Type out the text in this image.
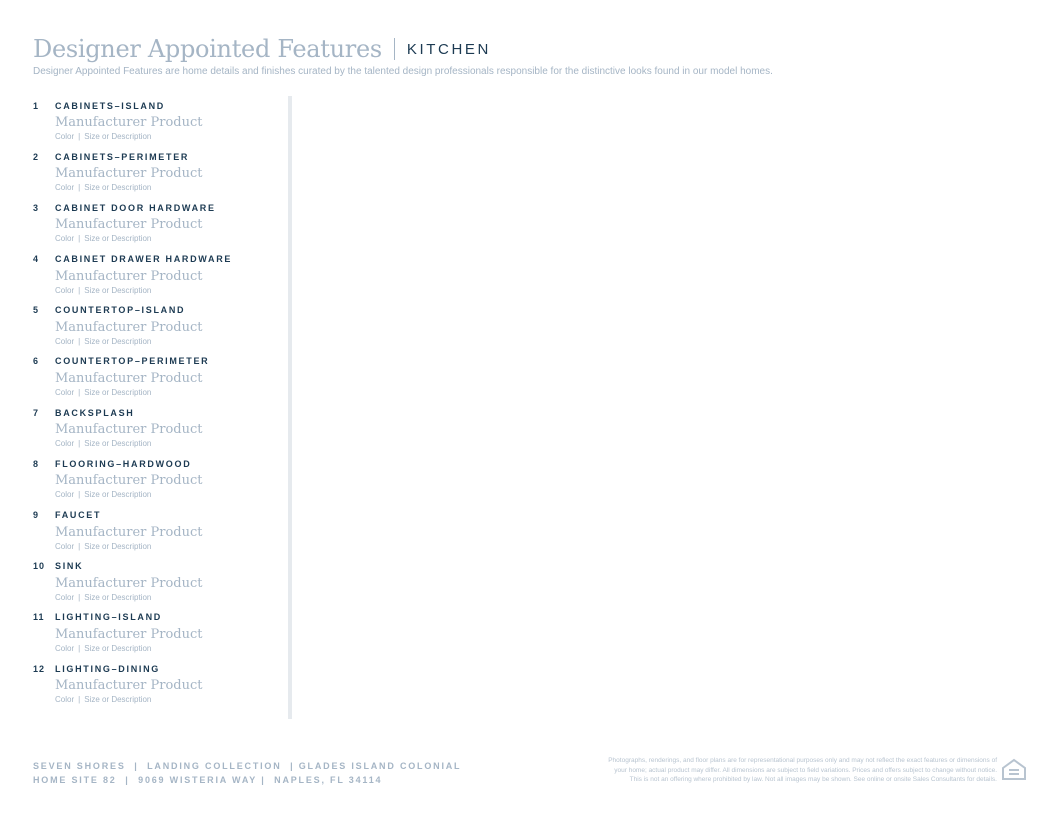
Designer Appointed Features KITCHEN
Designer Appointed Features are home details and finishes curated by the talented design professionals responsible for the distinctive looks found in our model homes.
1	CABINETS–ISLAND
Manufacturer Product
Color | Size or Description
2	CABINETS–PERIMETER
Manufacturer Product
Color | Size or Description
3	CABINET DOOR HARDWARE
Manufacturer Product
Color | Size or Description
4	CABINET DRAWER HARDWARE
Manufacturer Product
Color | Size or Description
5	COUNTERTOP–ISLAND
Manufacturer Product
Color | Size or Description
6	COUNTERTOP–PERIMETER
Manufacturer Product
Color | Size or Description
7	BACKSPLASH
Manufacturer Product
Color | Size or Description
8	FLOORING–HARDWOOD
Manufacturer Product
Color | Size or Description
9	FAUCET
Manufacturer Product
Color | Size or Description
10	SINK
Manufacturer Product
Color | Size or Description
11	LIGHTING–ISLAND
Manufacturer Product
Color | Size or Description
12	LIGHTING–DINING
Manufacturer Product
Color | Size or Description
SEVEN SHORES  |  LANDING COLLECTION  | GLADES ISLAND COLONIAL
HOME SITE 82  |  9069 WISTERIA WAY |  NAPLES, FL 34114
Photographs, renderings, and floor plans are for representational purposes only and may not reflect the exact features or dimensions of
your home; actual product may differ. All dimensions are subject to field variations. Prices and offers subject to change without notice.
This is not an offering where prohibited by law. Not all images may be shown. See online or onsite Sales Consultants for details.
